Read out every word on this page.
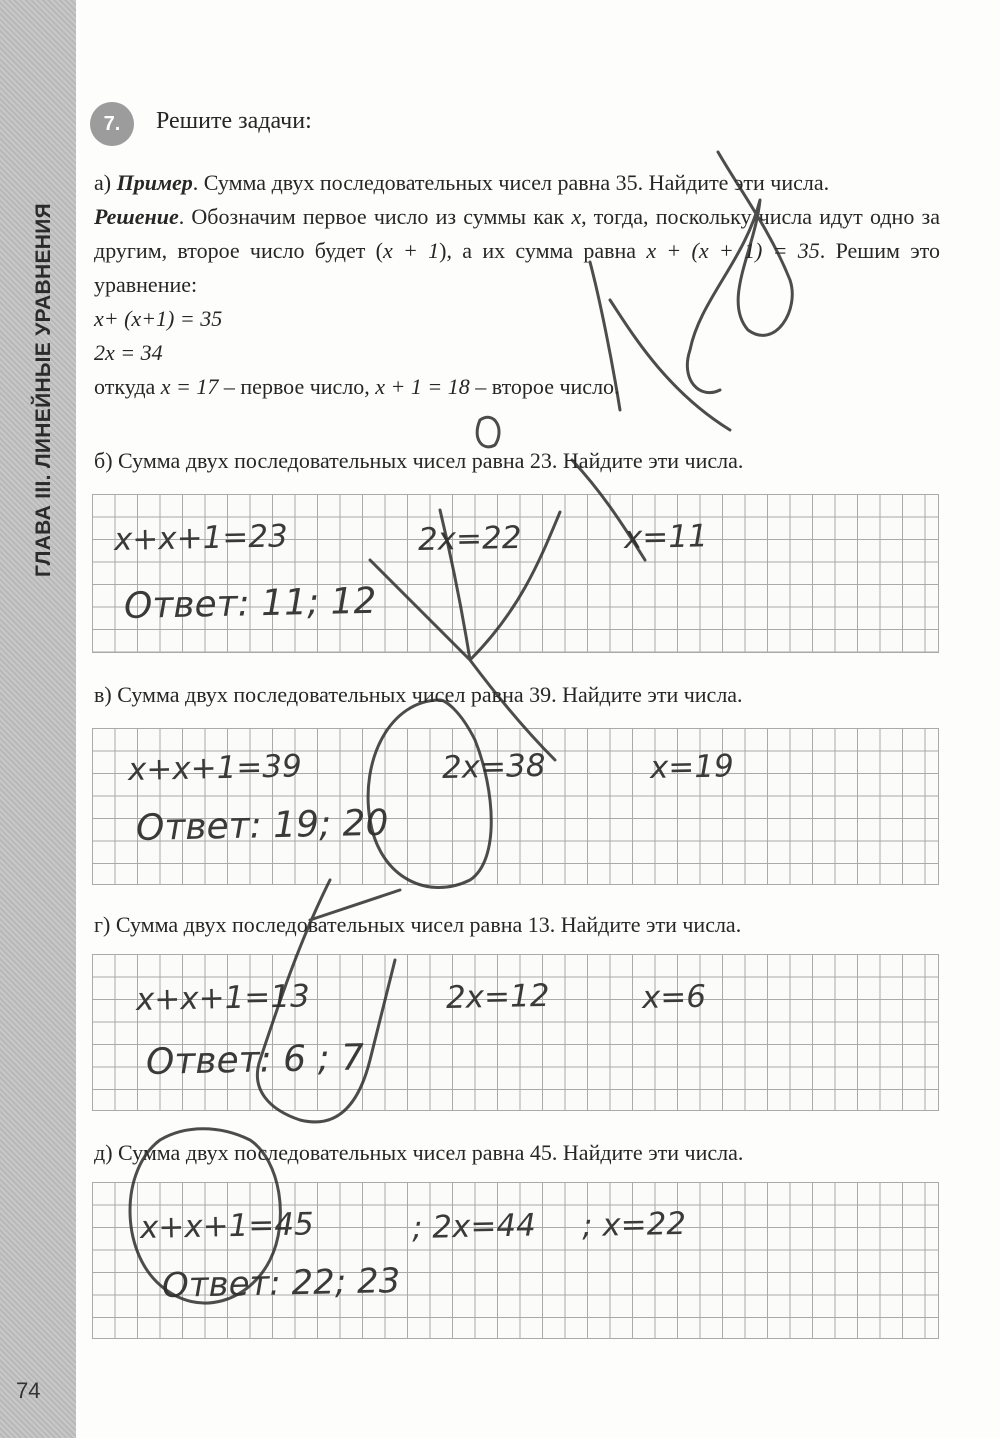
ГЛАВА III. ЛИНЕЙНЫЕ УРАВНЕНИЯ
74
7.	Решите задачи:

а) Пример. Сумма двух последовательных чисел равна 35. Найдите эти числа.

Решение. Обозначим первое число из суммы как x, тогда, поскольку числа идут одно за другим, второе число будет (x + 1), а их сумма равна x + (x + 1) = 35. Решим это уравнение:

x+ (x+1) = 35

2x = 34

откуда x = 17 – первое число, x + 1 = 18 – второе число.

б) Сумма двух последовательных чисел равна 23. Найдите эти числа.
x+x+1=23	2x=22	x=11
Ответ: 11; 12
в) Сумма двух последовательных чисел равна 39. Найдите эти числа.
x+x+1=39	2x=38	x=19
Ответ: 19; 20
г) Сумма двух последовательных чисел равна 13. Найдите эти числа.
x+x+1=13	2x=12	x=6
Ответ: 6 ; 7
д) Сумма двух последовательных чисел равна 45. Найдите эти числа.
x+x+1=45	; 2x=44 ; x=22
Ответ: 22; 23
